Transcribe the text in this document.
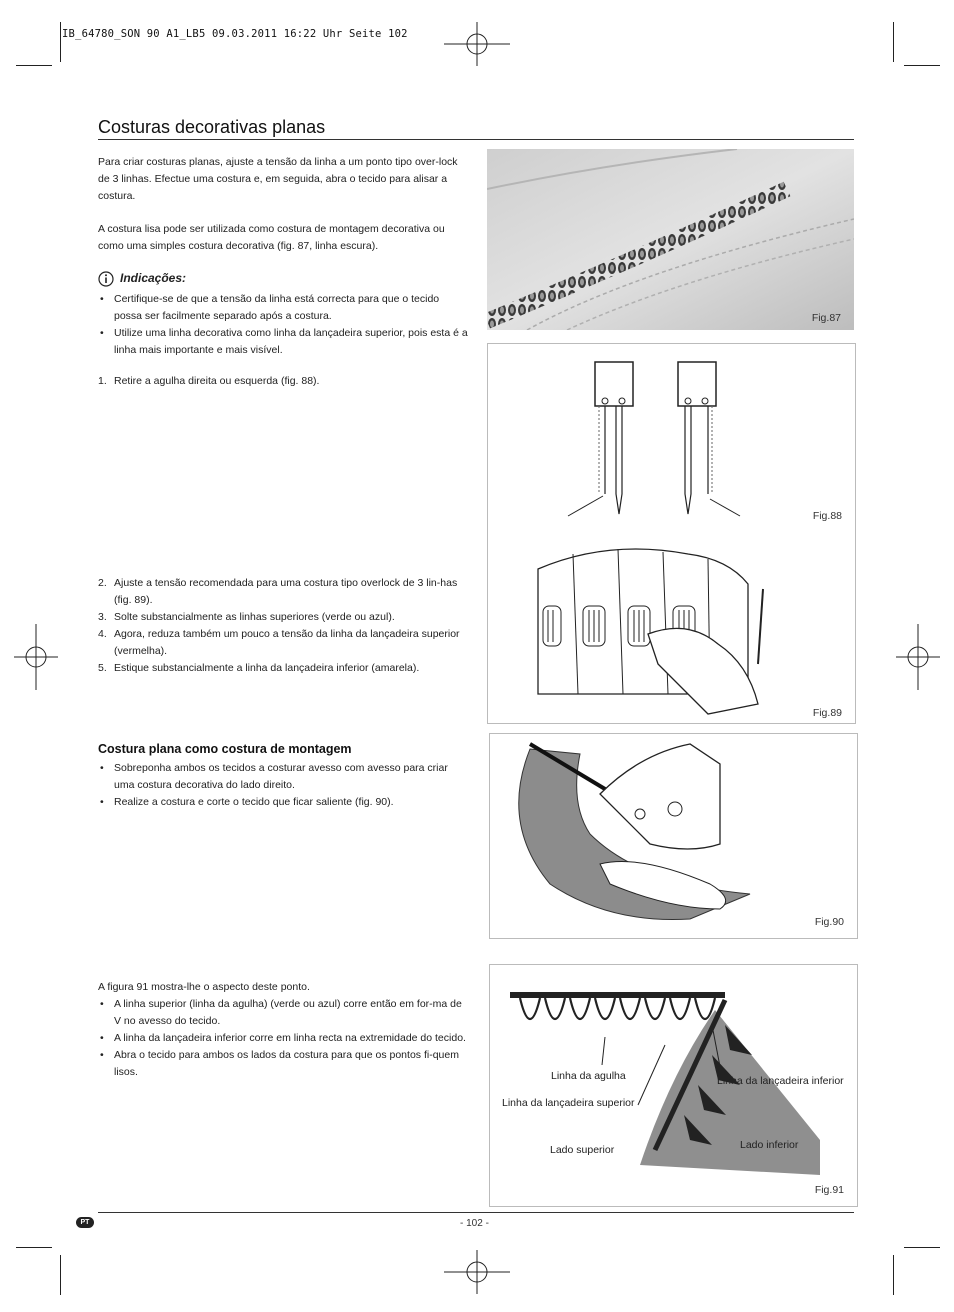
IB_64780_SON 90 A1_LB5 09.03.2011 16:22 Uhr Seite 102
Costuras decorativas planas

Para criar costuras planas, ajuste a tensão da linha a um ponto tipo over-lock de 3 linhas. Efectue uma costura e, em seguida, abra o tecido para alisar a costura.

A costura lisa pode ser utilizada como costura de montagem decorativa ou como uma simples costura decorativa (fig. 87, linha escura).

Indicações:
• Certifique-se de que a tensão da linha está correcta para que o tecido possa ser facilmente separado após a costura.
• Utilize uma linha decorativa como linha da lançadeira superior, pois esta é a linha mais importante e mais visível.
1. Retire a agulha direita ou esquerda (fig. 88).
2. Ajuste a tensão recomendada para uma costura tipo overlock de 3 lin-has (fig. 89).
3. Solte substancialmente as linhas superiores (verde ou azul).
4. Agora, reduza também um pouco a tensão da linha da lançadeira superior (vermelha).
5. Estique substancialmente a linha da lançadeira inferior (amarela).
Costura plana como costura de montagem
• Sobreponha ambos os tecidos a costurar avesso com avesso para criar uma costura decorativa do lado direito.
• Realize a costura e corte o tecido que ficar saliente (fig. 90).

A figura 91 mostra-lhe o aspecto deste ponto.

• A linha superior (linha da agulha) (verde ou azul) corre então em for-ma de V no avesso do tecido.
• A linha da lançadeira inferior corre em linha recta na extremidade do tecido.
• Abra o tecido para ambos os lados da costura para que os pontos fi-quem lisos.
Fig.87
Fig.88
Fig.89
Fig.90
Fig.91
Linha da agulha	Linha da lançadeira inferior
Linha da lançadeira superior
Lado inferior
Lado superior
PT	- 102 -
